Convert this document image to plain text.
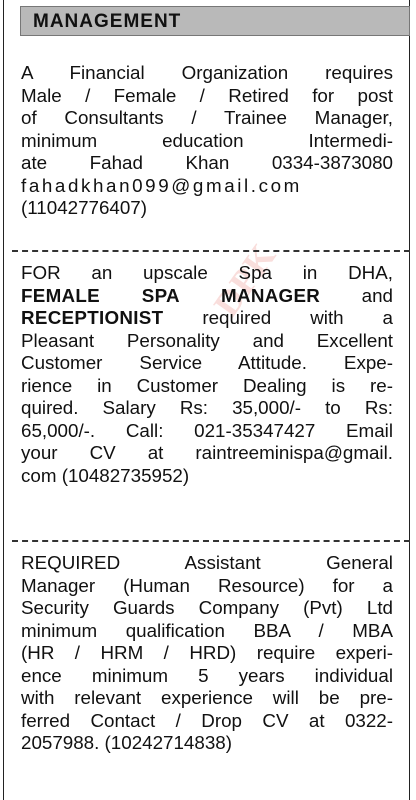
MANAGEMENT
DPK
A Financial Organization requires
Male / Female / Retired for post
of Consultants / Trainee Manager,
minimum education Intermedi-
ate Fahad Khan 0334-3873080
fahadkhan099@gmail.com
(11042776407)
FOR an upscale Spa in DHA,
FEMALE SPA MANAGER and
RECEPTIONIST required with a
Pleasant Personality and Excellent
Customer Service Attitude. Expe-
rience in Customer Dealing is re-
quired. Salary Rs: 35,000/- to Rs:
65,000/-. Call: 021-35347427 Email
your CV at raintreeminispa@gmail.
com (10482735952)
REQUIRED Assistant General
Manager (Human Resource) for a
Security Guards Company (Pvt) Ltd
minimum qualification BBA / MBA
(HR / HRM / HRD) require experi-
ence minimum 5 years individual
with relevant experience will be pre-
ferred Contact / Drop CV at 0322-
2057988. (10242714838)
